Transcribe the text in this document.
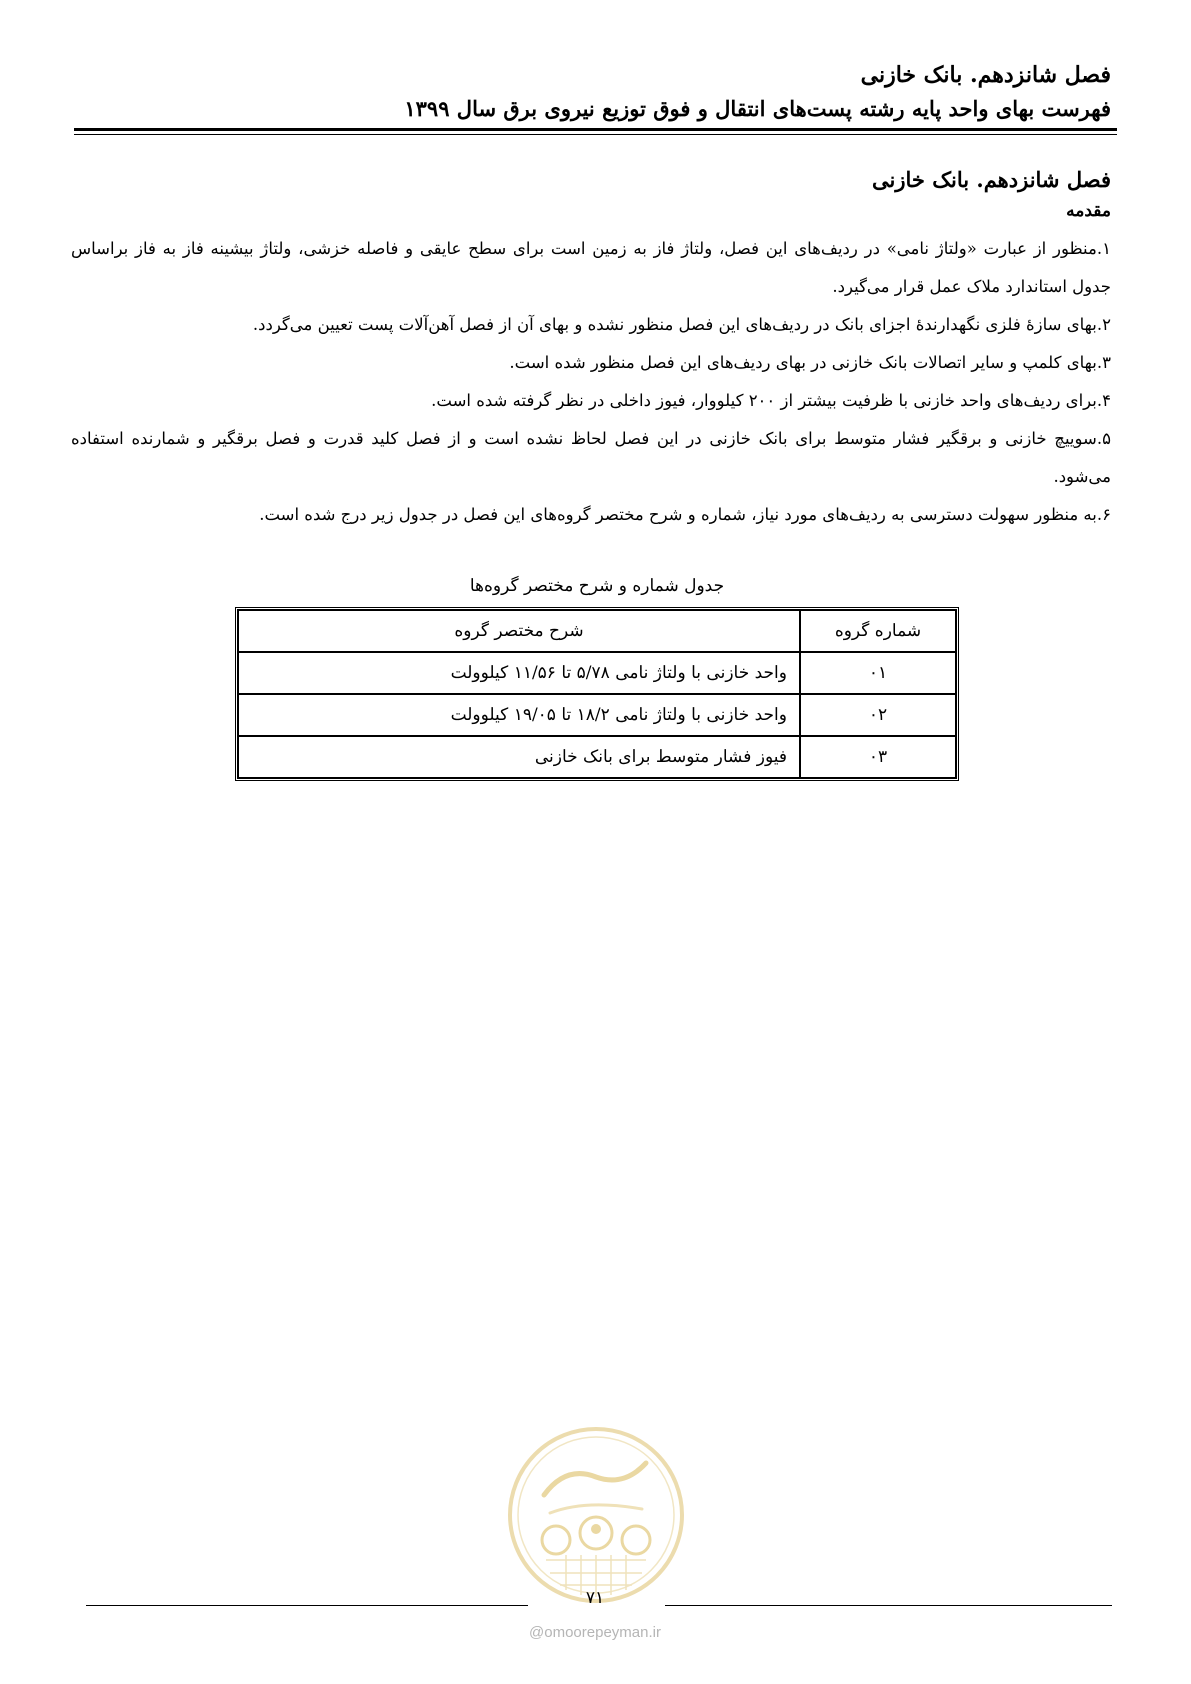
فصل شانزدهم. بانک خازنی
فهرست بهای واحد پایه رشته پست‌های انتقال و فوق توزیع نیروی برق سال ۱۳۹۹
فصل شانزدهم. بانک خازنی
مقدمه
۱.منظور از عبارت «ولتاژ نامی» در ردیف‌های این فصل، ولتاژ فاز به زمین است برای سطح عایقی و فاصله خزشی، ولتاژ بیشینه فاز به فاز براساس جدول استاندارد ملاک عمل قرار می‌گیرد.
۲.بهای سازهٔ فلزی نگهدارندهٔ اجزای بانک در ردیف‌های این فصل منظور نشده و بهای آن از فصل آهن‌آلات پست تعیین می‌گردد.
۳.بهای کلمپ و سایر اتصالات بانک خازنی در بهای ردیف‌های این فصل منظور شده است.
۴.برای ردیف‌های واحد خازنی با ظرفیت بیشتر از ۲۰۰ کیلووار، فیوز داخلی در نظر گرفته شده است.
۵.سوییچ خازنی و برقگیر فشار متوسط برای بانک خازنی در این فصل لحاظ نشده است و از فصل کلید قدرت و فصل برقگیر و شمارنده استفاده می‌شود.
۶.به منظور سهولت دسترسی به ردیف‌های مورد نیاز، شماره و شرح مختصر گروه‌های این فصل در جدول زیر درج شده است.
جدول شماره و شرح مختصر گروه‌ها
شماره گروه	شرح مختصر گروه
۰۱	واحد خازنی با ولتاژ نامی ۵/۷۸ تا ۱۱/۵۶ کیلوولت
۰۲	واحد خازنی با ولتاژ نامی ۱۸/۲ تا ۱۹/۰۵ کیلوولت
۰۳	فیوز فشار متوسط برای بانک خازنی
۷۱
@omoorepeyman.ir
